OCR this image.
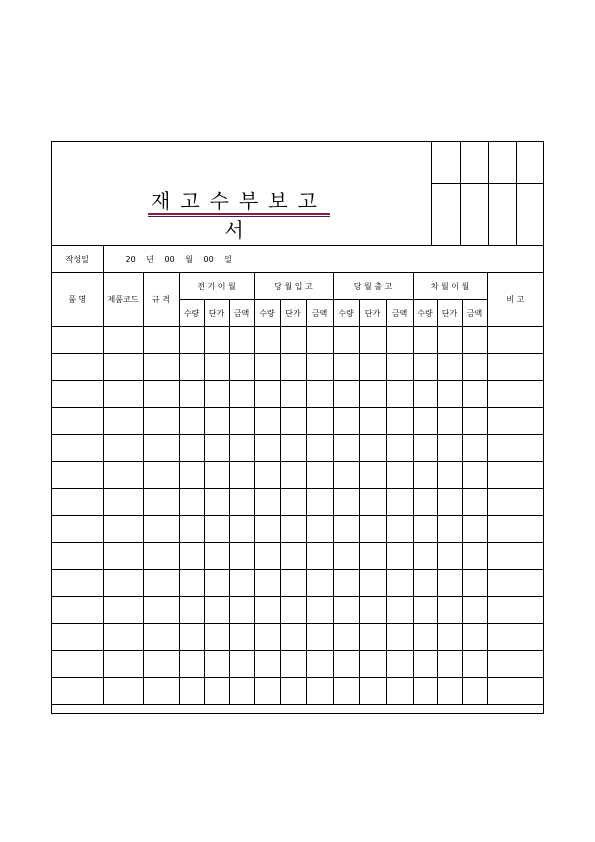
재고수부보고서
작성일	20 년 00 월 00 일														
품 명	제품코드	규 격	전 기 이 월			당 월 입 고			당 월 출 고			차 월 이 월			비 고
			수량	단가	금액	수량	단가	금액	수량	단가	금액	수량	단가	금액	
